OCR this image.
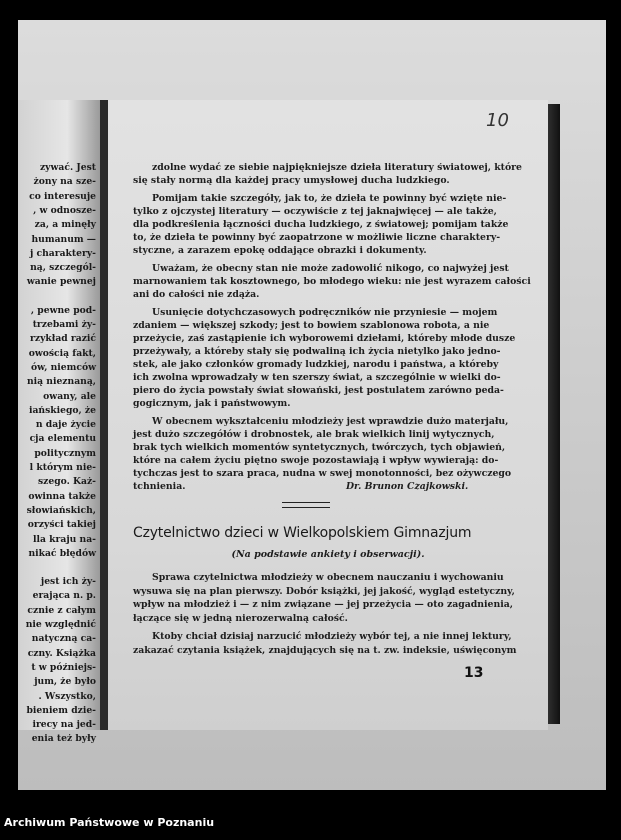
zywać. Jest
żony na sze-
co interesuje
, w odnosze-
za, a minęły
humanum —
j charaktery-
ną, szczegól-
wanie pewnej
, pewne pod-
trzebami ży-
rzykład razić
owością fakt,
ów, niemców
nią nieznaną,
owany, ale
iańskiego, że
n daje życie
cja elementu
politycznym
l którym nie-
szego. Każ-
owinna także
słowiańskich,
orzyści takiej
lla kraju na-
nikać błędów
jest ich ży-
erająca n. p.
cznie z całym
nie względnić
natyczną ca-
czny. Książka
t w późniejs-
jum, że było
. Wszystko,
bieniem dzie-
irecy na jed-
enia też były
10
Czytelnictwo dzieci w Wielkopolskiem Gimnazjum
(Na podstawie ankiety i obserwacji).
13
zdolne wydać ze siebie najpiękniejsze dzieła literatury światowej, które
się stały normą dla każdej pracy umysłowej ducha ludzkiego.
Pomijam takie szczegóły, jak to, że dzieła te powinny być wzięte nie-
tylko z ojczystej literatury — oczywiście z tej jaknajwięcej — ale także,
dla podkreślenia łączności ducha ludzkiego, z światowej; pomijam także
to, że dzieła te powinny być zaopatrzone w możliwie liczne charaktery-
styczne, a zarazem epokę oddające obrazki i dokumenty.
Uważam, że obecny stan nie może zadowolić nikogo, co najwyżej jest
marnowaniem tak kosztownego, bo młodego wieku: nie jest wyrazem całości
ani do całości nie zdąża.
Usunięcie dotychczasowych podręczników nie przyniesie — mojem
zdaniem — większej szkody; jest to bowiem szablonowa robota, a nie
przeżycie, zaś zastąpienie ich wyborowemi dziełami, któreby młode dusze
przeżywały, a któreby stały się podwaliną ich życia nietylko jako jedno-
stek, ale jako członków gromady ludzkiej, narodu i państwa, a któreby
ich zwolna wprowadzały w ten szerszy świat, a szczególnie w wielki do-
piero do życia powstały świat słowański, jest postulatem zarówno peda-
gogicznym, jak i państwowym.
W obecnem wykształceniu młodzieży jest wprawdzie dużo materjału,
jest dużo szczegółów i drobnostek, ale brak wielkich linij wytycznych,
brak tych wielkich momentów syntetycznych, twórczych, tych objawień,
które na całem życiu piętno swoje pozostawiają i wpływ wywierają: do-
tychczas jest to szara praca, nudna w swej monotonności, bez ożywczego
tchnienia.	Dr. Brunon Czajkowski.
Sprawa czytelnictwa młodzieży w obecnem nauczaniu i wychowaniu
wysuwa się na plan pierwszy. Dobór książki, jej jakość, wygląd estetyczny,
wpływ na młodzież i — z nim związane — jej przeżycia — oto zagadnienia,
łączące się w jedną nierozerwalną całość.
Ktoby chciał dzisiaj narzucić młodzieży wybór tej, a nie innej lektury,
zakazać czytania książek, znajdujących się na t. zw. indeksie, uświęconym
Archiwum Państwowe w Poznaniu
